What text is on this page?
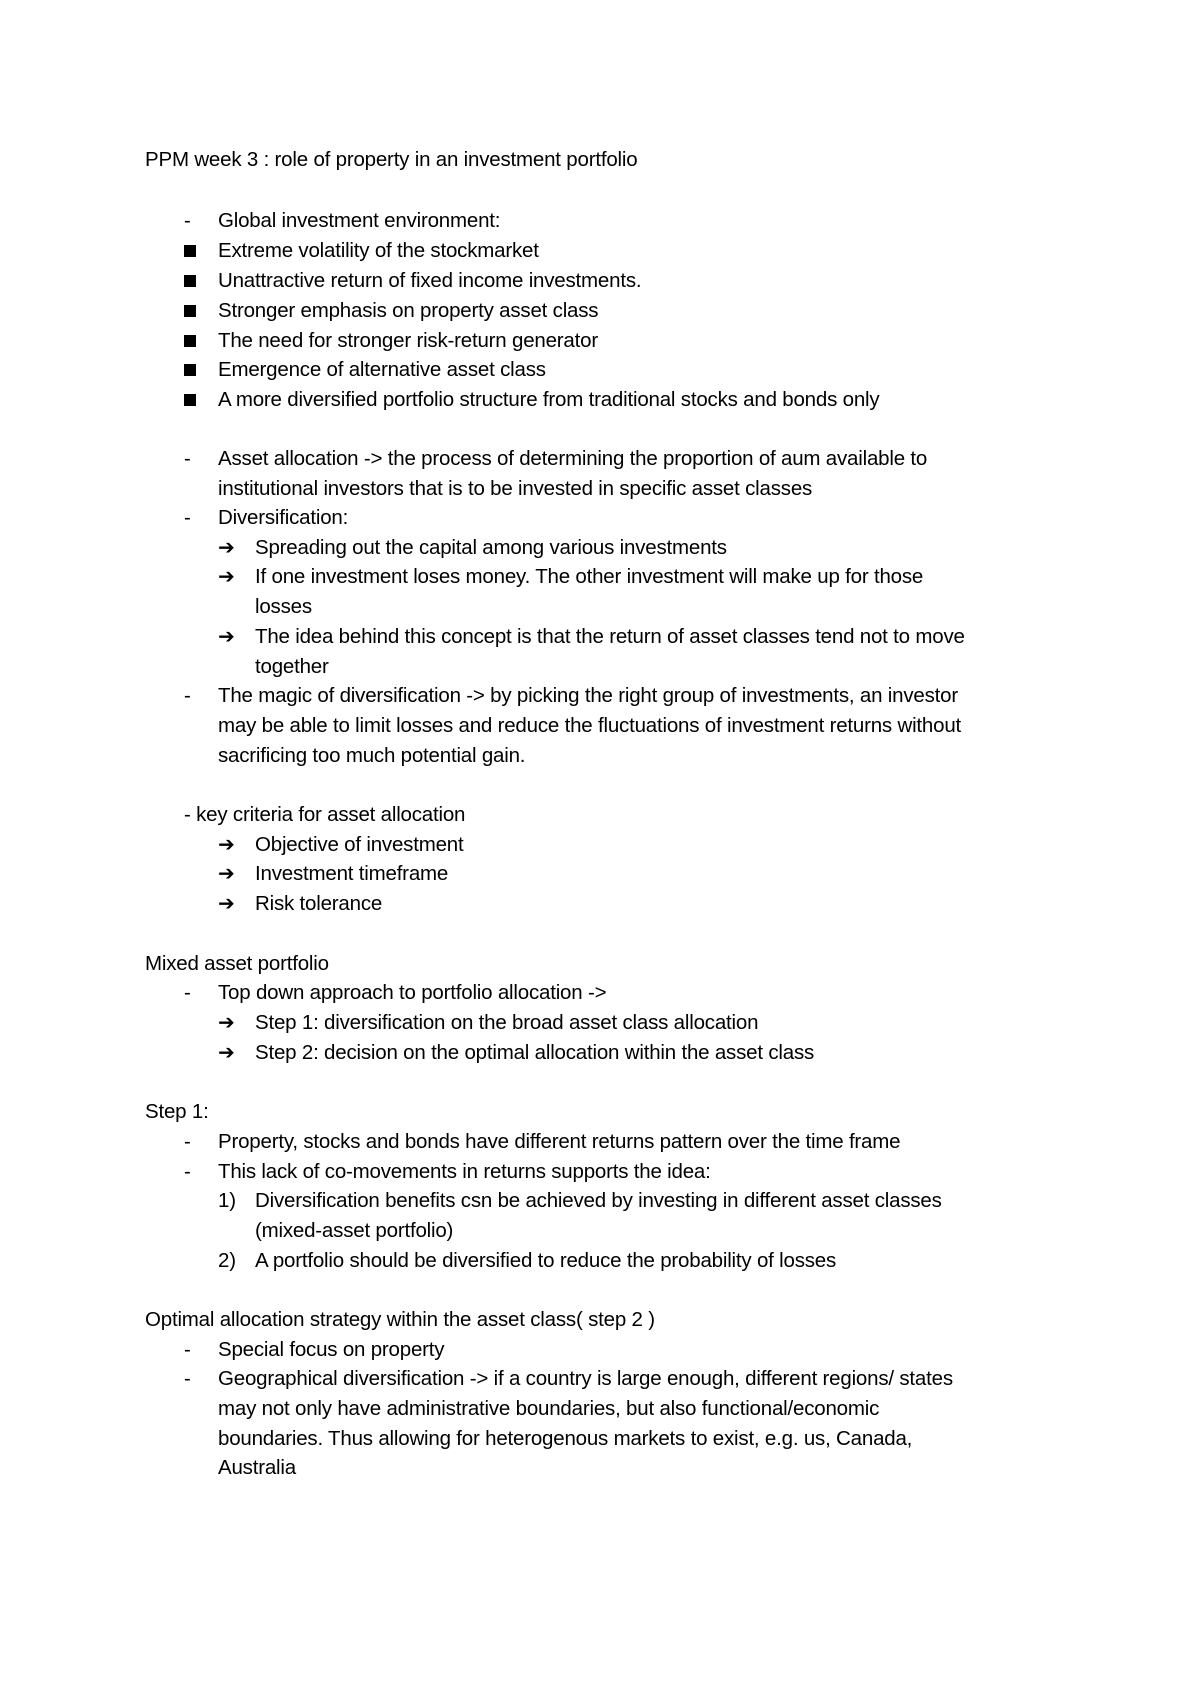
PPM week 3 : role of property in an investment portfolio
- Global investment environment:
Extreme volatility of the stockmarket
Unattractive return of fixed income investments.
Stronger emphasis on property asset class
The need for stronger risk-return generator
Emergence of alternative asset class
A more diversified portfolio structure from traditional stocks and bonds only
- Asset allocation -> the process of determining the proportion of aum available to
institutional investors that is to be invested in specific asset classes
- Diversification:
➔ Spreading out the capital among various investments
➔ If one investment loses money. The other investment will make up for those
losses
➔ The idea behind this concept is that the return of asset classes tend not to move
together
- The magic of diversification -> by picking the right group of investments, an investor
may be able to limit losses and reduce the fluctuations of investment returns without
sacrificing too much potential gain.
- key criteria for asset allocation
➔ Objective of investment
➔ Investment timeframe
➔ Risk tolerance
Mixed asset portfolio
- Top down approach to portfolio allocation ->
➔ Step 1: diversification on the broad asset class allocation
➔ Step 2: decision on the optimal allocation within the asset class
Step 1:
- Property, stocks and bonds have different returns pattern over the time frame
- This lack of co-movements in returns supports the idea:
1) Diversification benefits csn be achieved by investing in different asset classes
(mixed-asset portfolio)
2) A portfolio should be diversified to reduce the probability of losses
Optimal allocation strategy within the asset class( step 2 )
- Special focus on property
- Geographical diversification -> if a country is large enough, different regions/ states
may not only have administrative boundaries, but also functional/economic
boundaries. Thus allowing for heterogenous markets to exist, e.g. us, Canada,
Australia
